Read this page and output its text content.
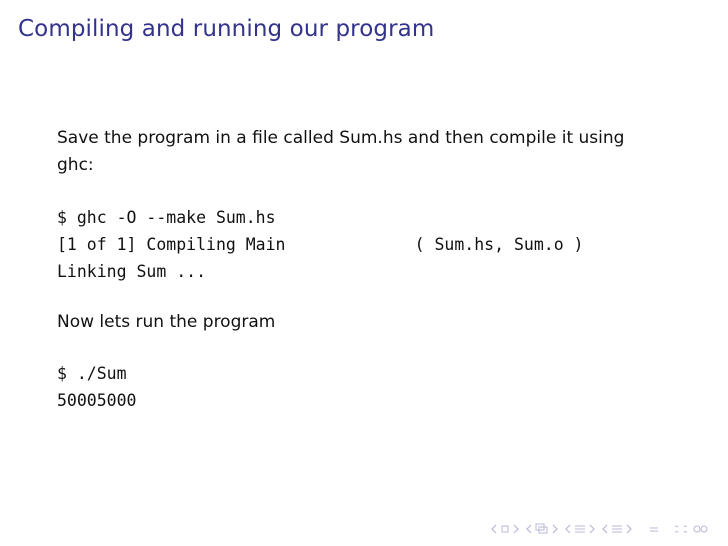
Compiling and running our program

Save the program in a file called Sum.hs and then compile it using

ghc:

$ ghc -O --make Sum.hs
[1 of 1] Compiling Main             ( Sum.hs, Sum.o )
Linking Sum ...

Now lets run the program

$ ./Sum
50005000
